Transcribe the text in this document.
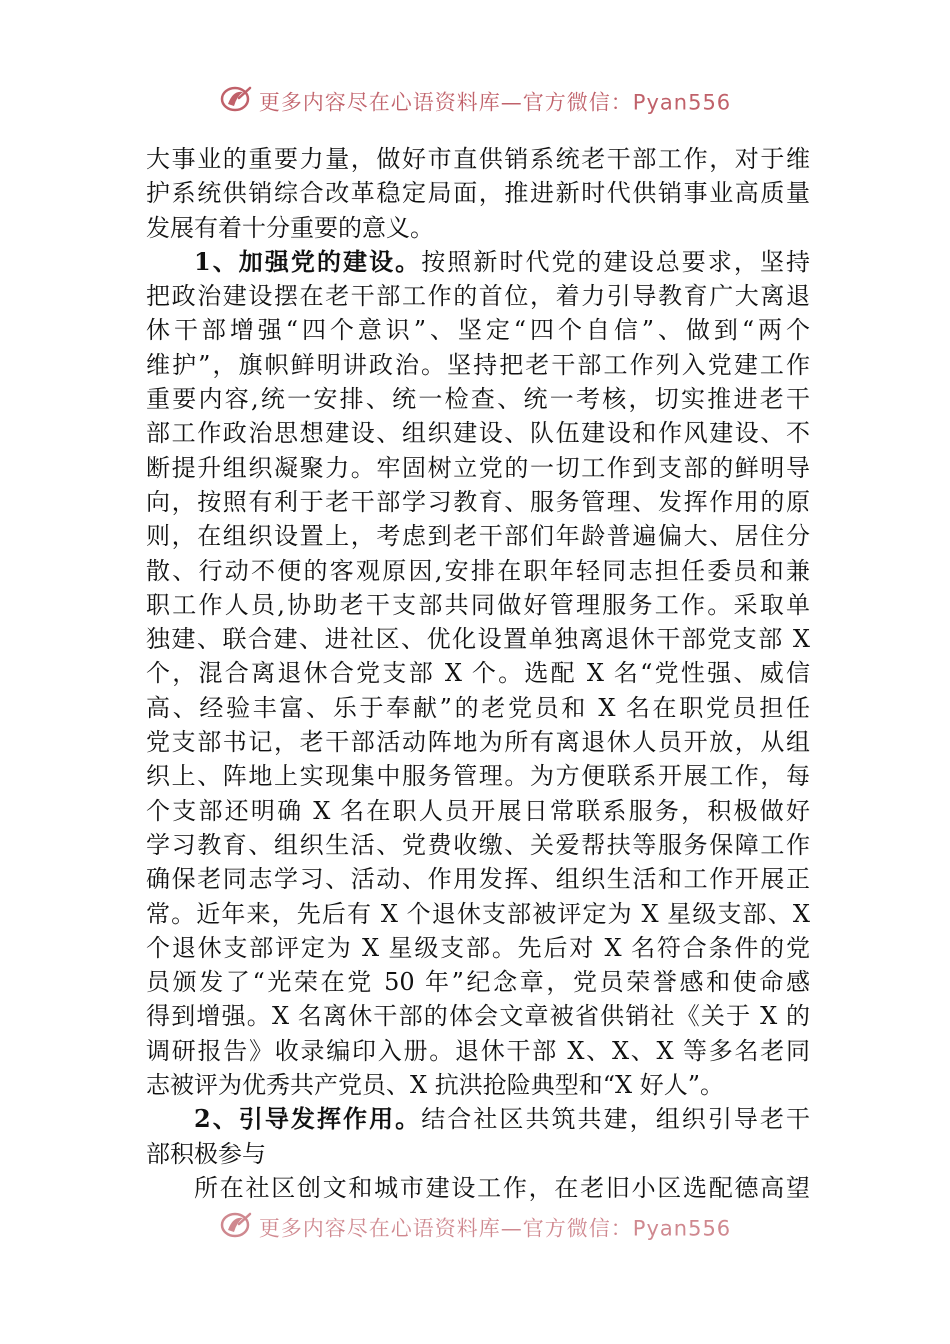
更多内容尽在心语资料库—官方微信：Pyan556
大事业的重要力量，做好市直供销系统老干部工作，对于维
护系统供销综合改革稳定局面，推进新时代供销事业高质量
发展有着十分重要的意义。
1、加强党的建设。按照新时代党的建设总要求，坚持
把政治建设摆在老干部工作的首位，着力引导教育广大离退
休干部增强“四个意识”、坚定“四个自信”、做到“两个
维护”，旗帜鲜明讲政治。坚持把老干部工作列入党建工作
重要内容,统一安排、统一检查、统一考核，切实推进老干
部工作政治思想建设、组织建设、队伍建设和作风建设、不
断提升组织凝聚力。牢固树立党的一切工作到支部的鲜明导
向，按照有利于老干部学习教育、服务管理、发挥作用的原
则，在组织设置上，考虑到老干部们年龄普遍偏大、居住分
散、行动不便的客观原因,安排在职年轻同志担任委员和兼
职工作人员,协助老干支部共同做好管理服务工作。采取单
独建、联合建、进社区、优化设置单独离退休干部党支部 X
个，混合离退休合党支部 X 个。选配 X 名“党性强、威信
高、经验丰富、乐于奉献”的老党员和 X 名在职党员担任
党支部书记，老干部活动阵地为所有离退休人员开放，从组
织上、阵地上实现集中服务管理。为方便联系开展工作，每
个支部还明确 X 名在职人员开展日常联系服务，积极做好
学习教育、组织生活、党费收缴、关爱帮扶等服务保障工作
确保老同志学习、活动、作用发挥、组织生活和工作开展正
常。近年来，先后有 X 个退休支部被评定为 X 星级支部、X
个退休支部评定为 X 星级支部。先后对 X 名符合条件的党
员颁发了“光荣在党 50 年”纪念章，党员荣誉感和使命感
得到增强。X 名离休干部的体会文章被省供销社《关于 X 的
调研报告》收录编印入册。退休干部 X、X、X 等多名老同
志被评为优秀共产党员、X 抗洪抢险典型和“X 好人”。
2、引导发挥作用。结合社区共筑共建，组织引导老干
部积极参与
所在社区创文和城市建设工作，在老旧小区选配德高望
更多内容尽在心语资料库—官方微信：Pyan556
